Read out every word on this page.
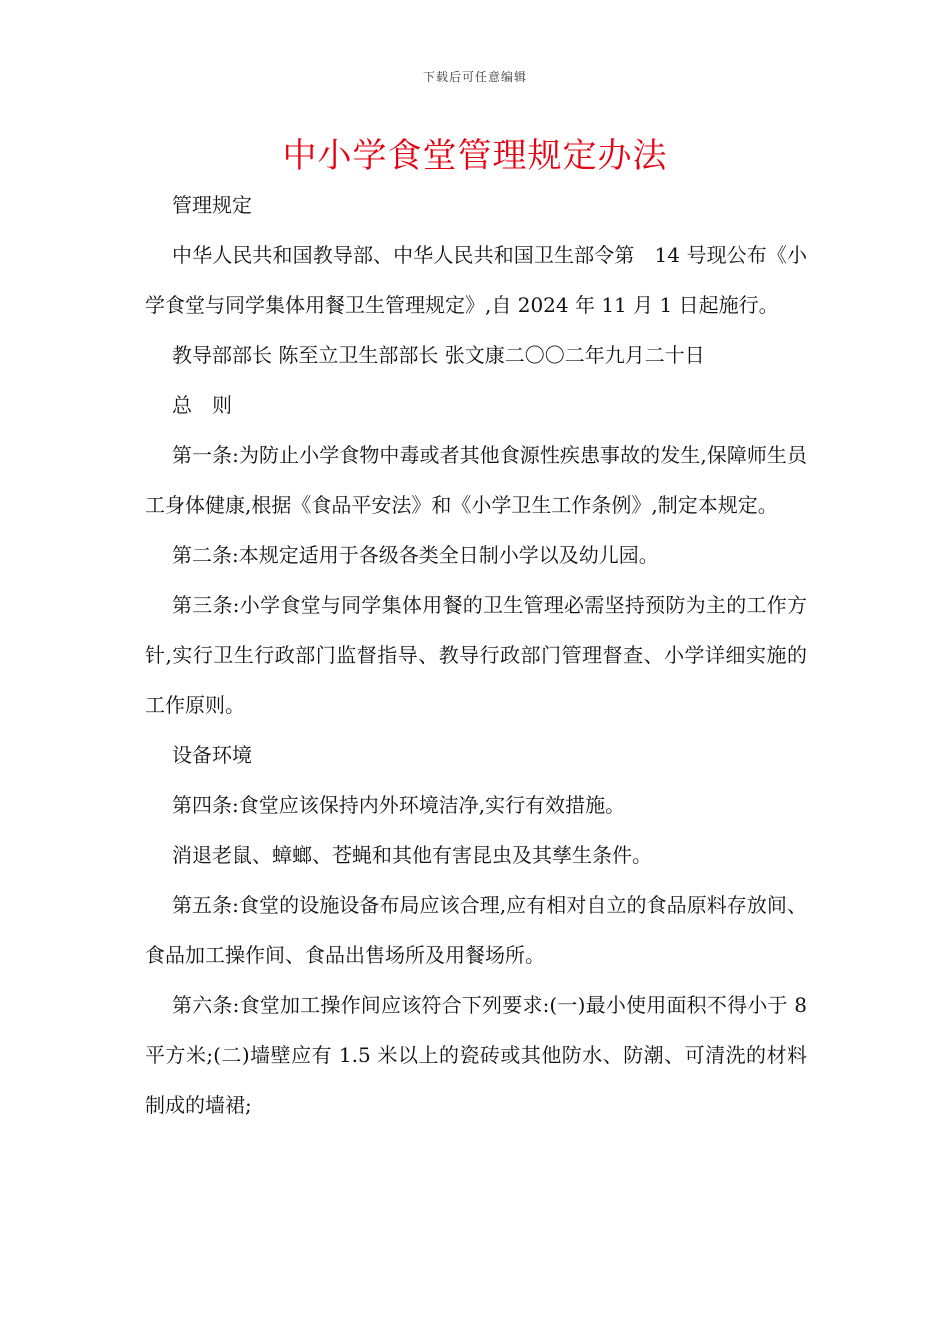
下载后可任意编辑
中小学食堂管理规定办法

管理规定

中华人民共和国教导部、中华人民共和国卫生部令第　14 号现公布《小学食堂与同学集体用餐卫生管理规定》,自 2024 年 11 月 1 日起施行。

教导部部长 陈至立卫生部部长 张文康二〇〇二年九月二十日

总　则

第一条:为防止小学食物中毒或者其他食源性疾患事故的发生,保障师生员工身体健康,根据《食品平安法》和《小学卫生工作条例》,制定本规定。

第二条:本规定适用于各级各类全日制小学以及幼儿园。

第三条:小学食堂与同学集体用餐的卫生管理必需坚持预防为主的工作方针,实行卫生行政部门监督指导、教导行政部门管理督查、小学详细实施的工作原则。

设备环境

第四条:食堂应该保持内外环境洁净,实行有效措施。

消退老鼠、蟑螂、苍蝇和其他有害昆虫及其孳生条件。

第五条:食堂的设施设备布局应该合理,应有相对自立的食品原料存放间、食品加工操作间、食品出售场所及用餐场所。

第六条:食堂加工操作间应该符合下列要求:(一)最小使用面积不得小于 8 平方米;(二)墙壁应有 1.5 米以上的瓷砖或其他防水、防潮、可清洗的材料制成的墙裙;
